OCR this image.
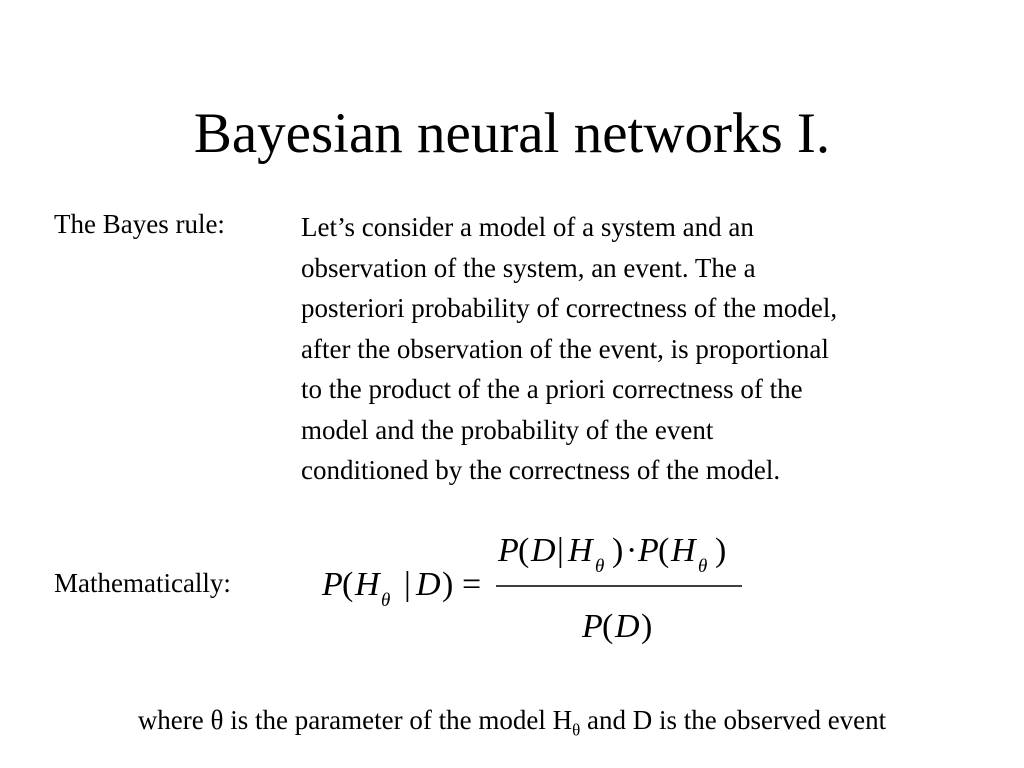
Bayesian neural networks I.
The Bayes rule:	Let’s consider a model of a system and an
observation of the system, an event. The a
posteriori probability of correctness of the model,
after the observation of the event, is proportional
to the product of the a priori correctness of the
model and the probability of the event
conditioned by the correctness of the model.
Mathematically:	P ( H θ | D ) =
P ( D | H θ ) · P ( H θ )
P ( D )
where θ is the parameter of the model $H_\theta$ and D is the observed event
